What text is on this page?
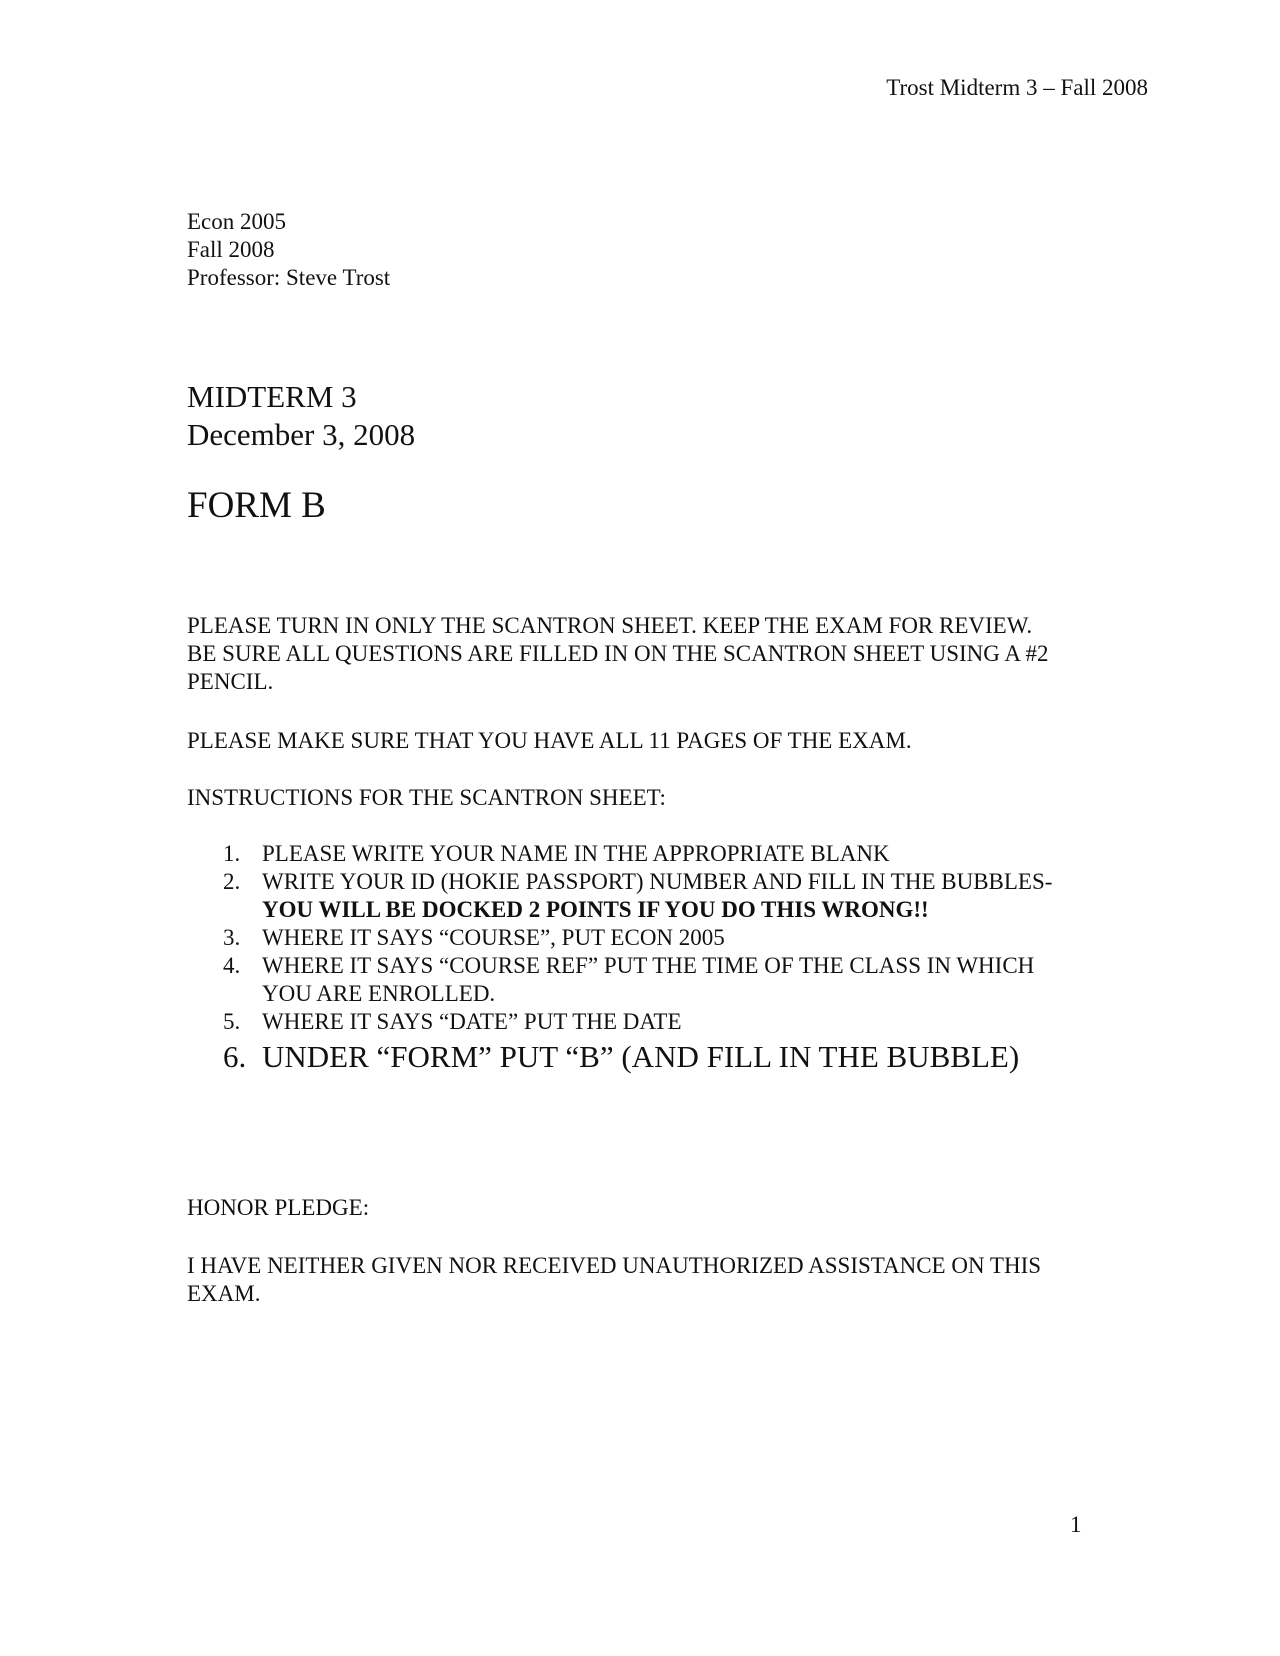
Trost Midterm 3 – Fall 2008
Econ 2005
Fall 2008
Professor: Steve Trost
MIDTERM 3
December 3, 2008
FORM B
PLEASE TURN IN ONLY THE SCANTRON SHEET. KEEP THE EXAM FOR REVIEW. BE SURE ALL QUESTIONS ARE FILLED IN ON THE SCANTRON SHEET USING A #2 PENCIL.
PLEASE MAKE SURE THAT YOU HAVE ALL 11 PAGES OF THE EXAM.
INSTRUCTIONS FOR THE SCANTRON SHEET:
1. PLEASE WRITE YOUR NAME IN THE APPROPRIATE BLANK
2. WRITE YOUR ID (HOKIE PASSPORT) NUMBER AND FILL IN THE BUBBLES-YOU WILL BE DOCKED 2 POINTS IF YOU DO THIS WRONG!!
3. WHERE IT SAYS “COURSE”, PUT ECON 2005
4. WHERE IT SAYS “COURSE REF” PUT THE TIME OF THE CLASS IN WHICH YOU ARE ENROLLED.
5. WHERE IT SAYS “DATE” PUT THE DATE
6. UNDER “FORM” PUT “B” (AND FILL IN THE BUBBLE)
HONOR PLEDGE:
I HAVE NEITHER GIVEN NOR RECEIVED UNAUTHORIZED ASSISTANCE ON THIS EXAM.
1
